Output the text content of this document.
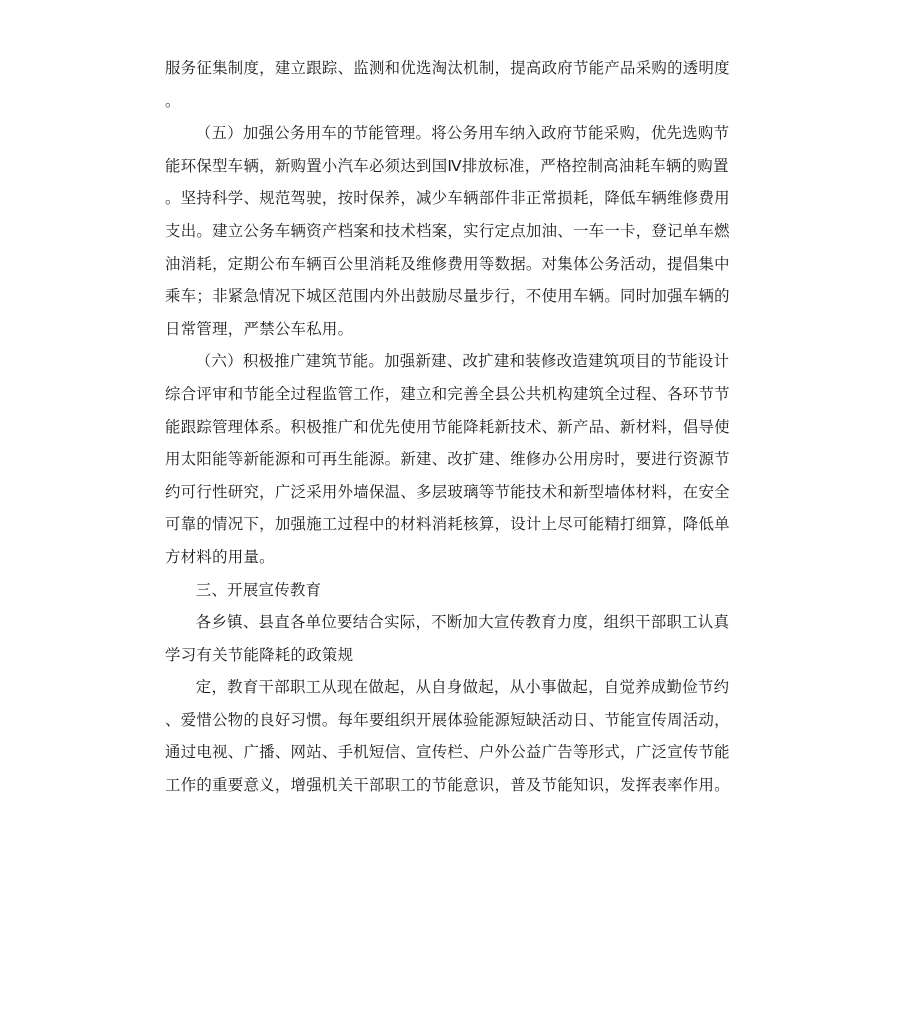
服务征集制度，建立跟踪、监测和优选淘汰机制，提高政府节能产品采购的透明度
。
（五）加强公务用车的节能管理。将公务用车纳入政府节能采购，优先选购节
能环保型车辆，新购置小汽车必须达到国Ⅳ排放标准，严格控制高油耗车辆的购置
。坚持科学、规范驾驶，按时保养，减少车辆部件非正常损耗，降低车辆维修费用
支出。建立公务车辆资产档案和技术档案，实行定点加油、一车一卡，登记单车燃
油消耗，定期公布车辆百公里消耗及维修费用等数据。对集体公务活动，提倡集中
乘车；非紧急情况下城区范围内外出鼓励尽量步行，不使用车辆。同时加强车辆的
日常管理，严禁公车私用。
（六）积极推广建筑节能。加强新建、改扩建和装修改造建筑项目的节能设计
综合评审和节能全过程监管工作，建立和完善全县公共机构建筑全过程、各环节节
能跟踪管理体系。积极推广和优先使用节能降耗新技术、新产品、新材料，倡导使
用太阳能等新能源和可再生能源。新建、改扩建、维修办公用房时，要进行资源节
约可行性研究，广泛采用外墙保温、多层玻璃等节能技术和新型墙体材料，在安全
可靠的情况下，加强施工过程中的材料消耗核算，设计上尽可能精打细算，降低单
方材料的用量。
三、开展宣传教育
各乡镇、县直各单位要结合实际，不断加大宣传教育力度，组织干部职工认真
学习有关节能降耗的政策规
定，教育干部职工从现在做起，从自身做起，从小事做起，自觉养成勤俭节约
、爱惜公物的良好习惯。每年要组织开展体验能源短缺活动日、节能宣传周活动，
通过电视、广播、网站、手机短信、宣传栏、户外公益广告等形式，广泛宣传节能
工作的重要意义，增强机关干部职工的节能意识，普及节能知识，发挥表率作用。
